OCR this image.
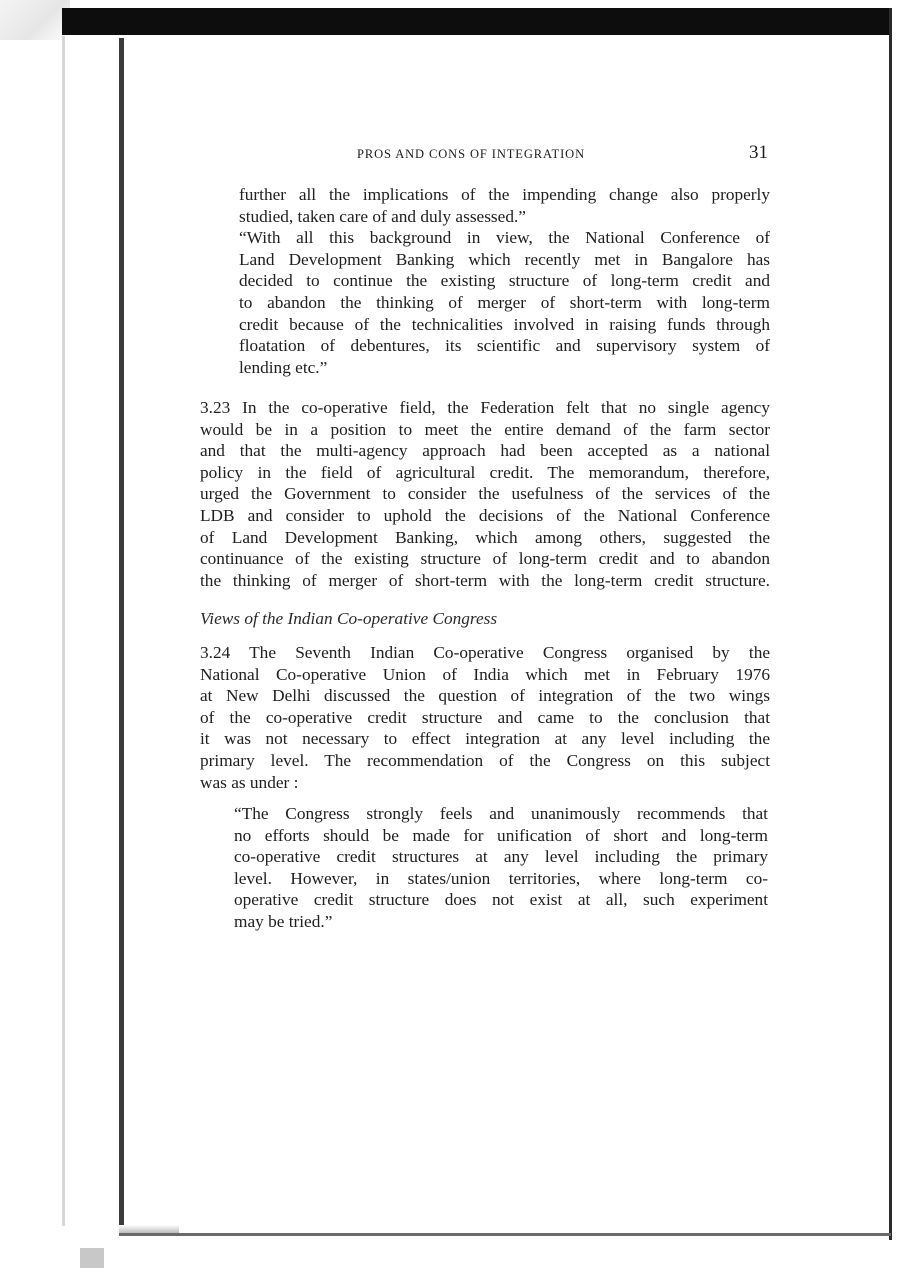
PROS AND CONS OF INTEGRATION	31
further all the implications of the impending change also properly
studied, taken care of and duly assessed.”
“With all this background in view, the National Conference of
Land Development Banking which recently met in Bangalore has
decided to continue the existing structure of long-term credit and
to abandon the thinking of merger of short-term with long-term
credit because of the technicalities involved in raising funds through
floatation of debentures, its scientific and supervisory system of
lending etc.”
3.23 In the co-operative field, the Federation felt that no single agency
would be in a position to meet the entire demand of the farm sector
and that the multi-agency approach had been accepted as a national
policy in the field of agricultural credit. The memorandum, therefore,
urged the Government to consider the usefulness of the services of the
LDB and consider to uphold the decisions of the National Conference
of Land Development Banking, which among others, suggested the
continuance of the existing structure of long-term credit and to abandon
the thinking of merger of short-term with the long-term credit structure.
Views of the Indian Co-operative Congress
3.24 The Seventh Indian Co-operative Congress organised by the
National Co-operative Union of India which met in February 1976
at New Delhi discussed the question of integration of the two wings
of the co-operative credit structure and came to the conclusion that
it was not necessary to effect integration at any level including the
primary level. The recommendation of the Congress on this subject
was as under :
“The Congress strongly feels and unanimously recommends that
no efforts should be made for unification of short and long-term
co-operative credit structures at any level including the primary
level. However, in states/union territories, where long-term co-
operative credit structure does not exist at all, such experiment
may be tried.”
